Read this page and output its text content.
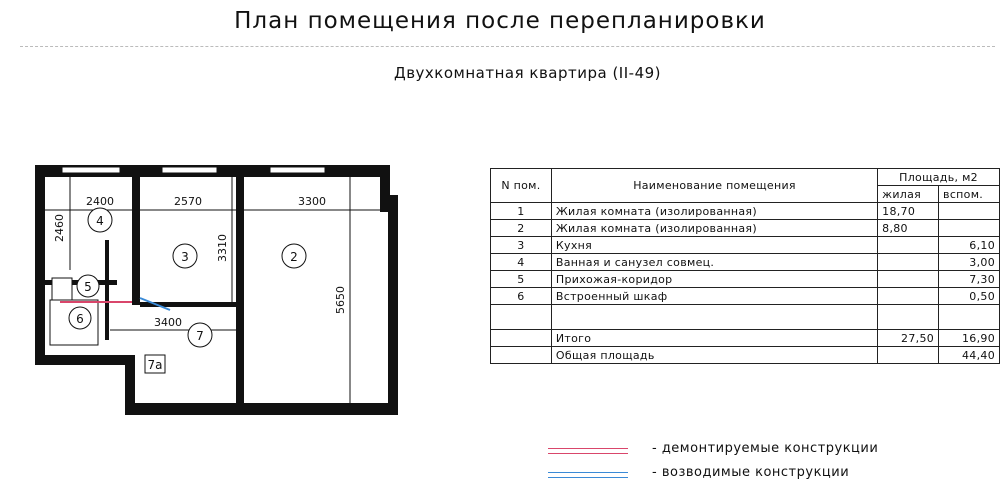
План помещения после перепланировки
Двухкомнатная квартира (II-49)
4
3	2
5
6
7
7a
2400	2570	3300
2460
3310
5650
3400
N пом.	Наименование помещения	Площадь, м2	
		жилая	вспом.
1	Жилая комната (изолированная)	18,70	
2	Жилая комната (изолированная)	8,80	
3	Кухня		6,10
4	Ванная и санузел совмец.		3,00
5	Прихожая-коридор		7,30
6	Встроенный шкаф		0,50

	Итого	27,50	16,90
	Общая площадь		44,40
- демонтируемые конструкции
- возводимые конструкции
